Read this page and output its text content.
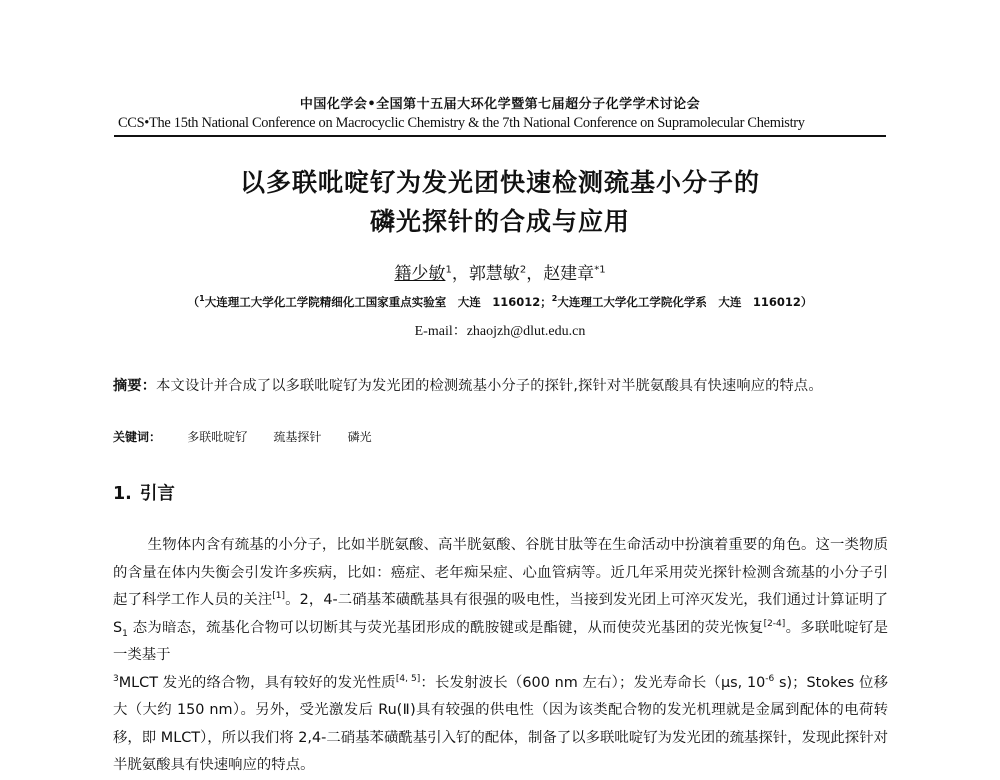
中国化学会•全国第十五届大环化学暨第七届超分子化学学术讨论会
CCS•The 15th National Conference on Macrocyclic Chemistry & the 7th National Conference on Supramolecular Chemistry
以多联吡啶钌为发光团快速检测巯基小分子的
磷光探针的合成与应用
籍少敏$^1$，郭慧敏$^2$，赵建章$^{*1}$
（$^1$大连理工大学化工学院精细化工国家重点实验室　大连　116012；$^2$大连理工大学化工学院化学系　大连　116012）
E-mail：zhaojzh@dlut.edu.cn
摘要：本文设计并合成了以多联吡啶钌为发光团的检测巯基小分子的探针,探针对半胱氨酸具有快速响应的特点。
关键词： 多联吡啶钌 巯基探针 磷光
1. 引言
生物体内含有巯基的小分子，比如半胱氨酸、高半胱氨酸、谷胱甘肽等在生命活动中扮演着重要的角色。这一类物质的含量在体内失衡会引发许多疾病，比如：癌症、老年痴呆症、心血管病等。近几年采用荧光探针检测含巯基的小分子引起了科学工作人员的关注[1]。2，4-二硝基苯磺酰基具有很强的吸电性，当接到发光团上可淬灭发光，我们通过计算证明了 $S_1$ 态为暗态，巯基化合物可以切断其与荧光基团形成的酰胺键或是酯键，从而使荧光基团的荧光恢复[2-4]。多联吡啶钌是一类基于
$^3$MLCT 发光的络合物，具有较好的发光性质[4, 5]：长发射波长（600 nm 左右）；发光寿命长（μs, $10^{-6}$ s)；Stokes 位移大（大约 150 nm）。另外，受光激发后 Ru(Ⅱ)具有较强的供电性（因为该类配合物的发光机理就是金属到配体的电荷转移，即 MLCT），所以我们将 2,4-二硝基苯磺酰基引入钌的配体，制备了以多联吡啶钌为发光团的巯基探针，发现此探针对半胱氨酸具有快速响应的特点。
